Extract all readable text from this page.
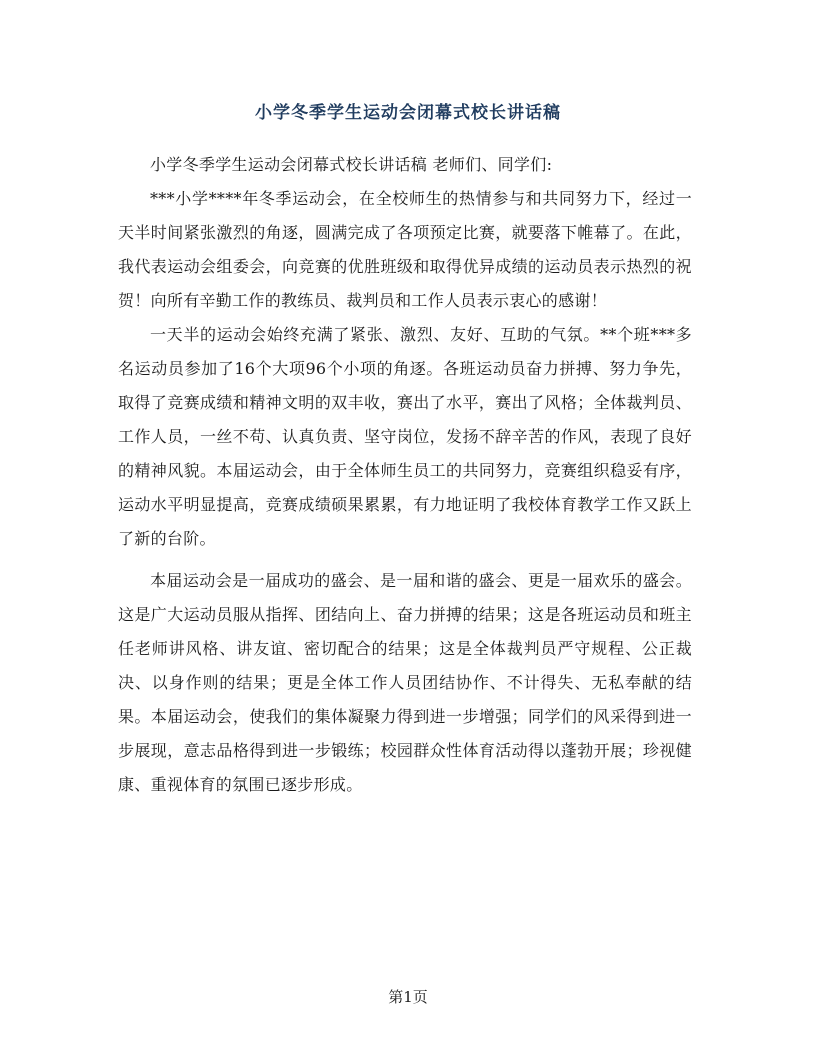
小学冬季学生运动会闭幕式校长讲话稿

小学冬季学生运动会闭幕式校长讲话稿 老师们、同学们:

***小学****年冬季运动会，在全校师生的热情参与和共同努力下，经过一天半时间紧张激烈的角逐，圆满完成了各项预定比赛，就要落下帷幕了。在此，我代表运动会组委会，向竞赛的优胜班级和取得优异成绩的运动员表示热烈的祝贺！向所有辛勤工作的教练员、裁判员和工作人员表示衷心的感谢！

一天半的运动会始终充满了紧张、激烈、友好、互助的气氛。**个班***多名运动员参加了16个大项96个小项的角逐。各班运动员奋力拼搏、努力争先，取得了竞赛成绩和精神文明的双丰收，赛出了水平，赛出了风格；全体裁判员、工作人员，一丝不苟、认真负责、坚守岗位，发扬不辞辛苦的作风，表现了良好的精神风貌。本届运动会，由于全体师生员工的共同努力，竞赛组织稳妥有序，运动水平明显提高，竞赛成绩硕果累累，有力地证明了我校体育教学工作又跃上了新的台阶。

本届运动会是一届成功的盛会、是一届和谐的盛会、更是一届欢乐的盛会。这是广大运动员服从指挥、团结向上、奋力拼搏的结果；这是各班运动员和班主任老师讲风格、讲友谊、密切配合的结果；这是全体裁判员严守规程、公正裁决、以身作则的结果；更是全体工作人员团结协作、不计得失、无私奉献的结果。本届运动会，使我们的集体凝聚力得到进一步增强；同学们的风采得到进一步展现，意志品格得到进一步锻练；校园群众性体育活动得以蓬勃开展；珍视健康、重视体育的氛围已逐步形成。

第1页
